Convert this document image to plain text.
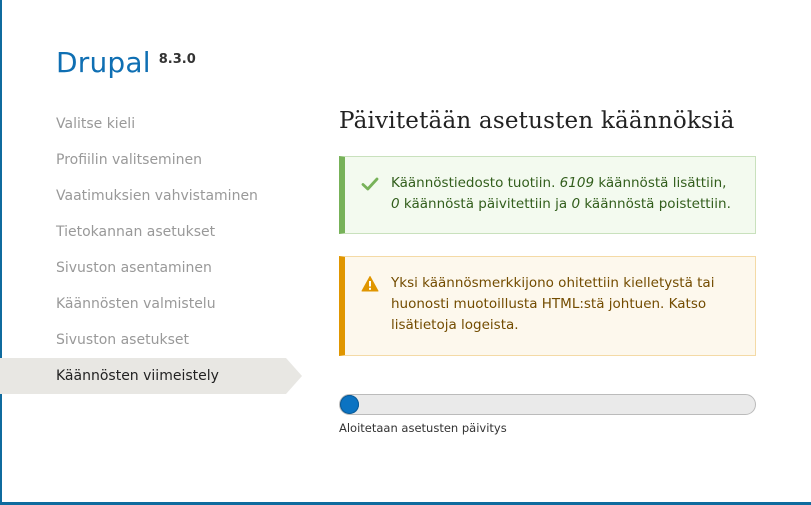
Drupal 8.3.0
Valitse kieli
Profiilin valitseminen
Vaatimuksien vahvistaminen
Tietokannan asetukset
Sivuston asentaminen
Käännösten valmistelu
Sivuston asetukset
Käännösten viimeistely
Päivitetään asetusten käännöksiä
Käännöstiedosto tuotiin. 6109 käännöstä lisättiin, 0 käännöstä päivitettiin ja 0 käännöstä poistettiin.
Yksi käännösmerkkijono ohitettiin kielletystä tai huonosti muotoillusta HTML:stä johtuen. Katso lisätietoja logeista.
Aloitetaan asetusten päivitys
